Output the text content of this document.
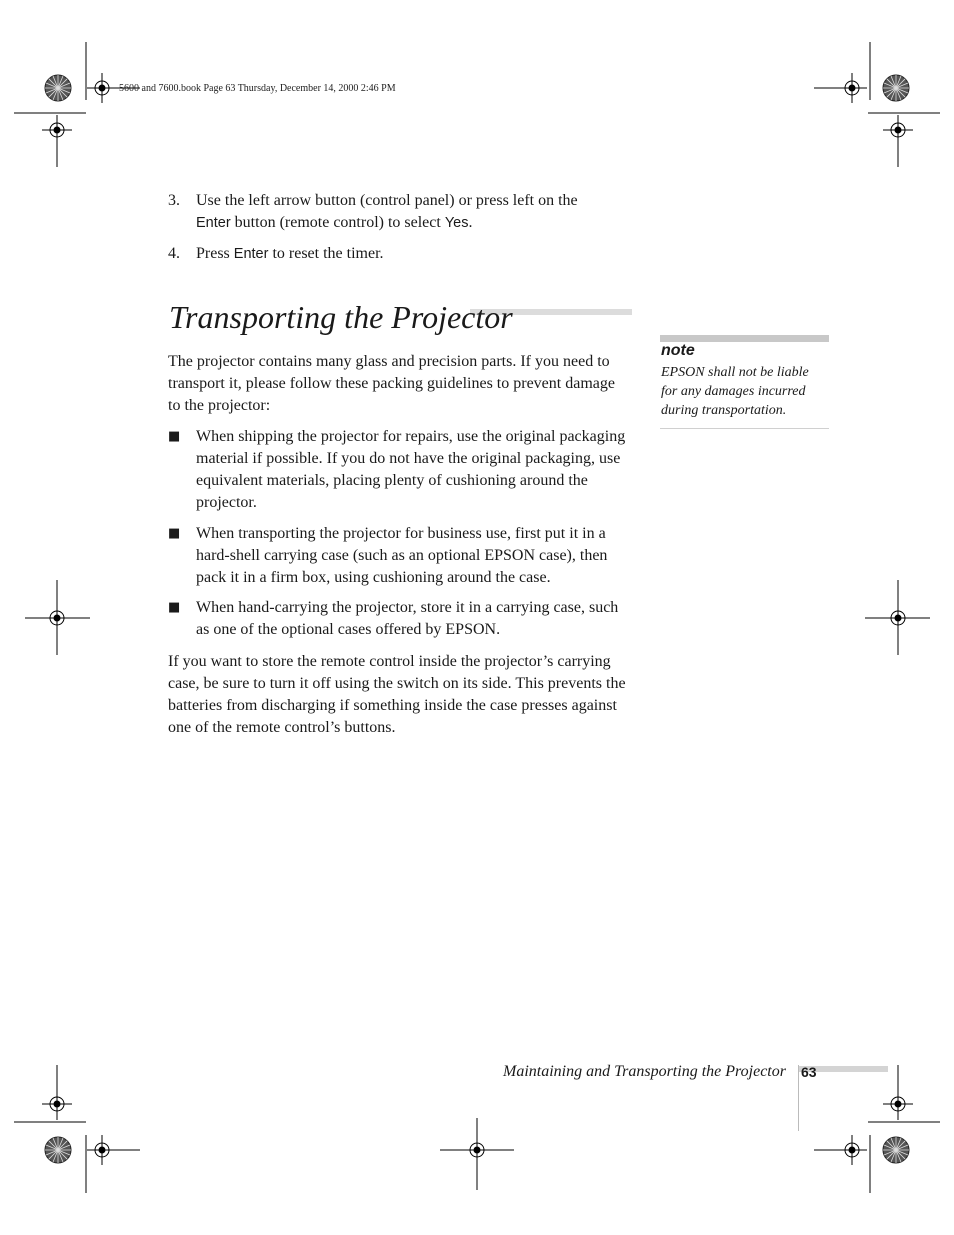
5600 and 7600.book Page 63 Thursday, December 14, 2000 2:46 PM
3. Use the left arrow button (control panel) or press left on the
Enter button (remote control) to select Yes.
4. Press Enter to reset the timer.
Transporting the Projector
The projector contains many glass and precision parts. If you need to transport it, please follow these packing guidelines to prevent damage to the projector:
■ When shipping the projector for repairs, use the original packaging material if possible. If you do not have the original packaging, use equivalent materials, placing plenty of cushioning around the projector.
■ When transporting the projector for business use, first put it in a hard-shell carrying case (such as an optional EPSON case), then pack it in a firm box, using cushioning around the case.
■ When hand-carrying the projector, store it in a carrying case, such as one of the optional cases offered by EPSON.
If you want to store the remote control inside the projector’s carrying case, be sure to turn it off using the switch on its side. This prevents the batteries from discharging if something inside the case presses against one of the remote control’s buttons.
note
EPSON shall not be liable for any damages incurred during transportation.
Maintaining and Transporting the Projector 63
